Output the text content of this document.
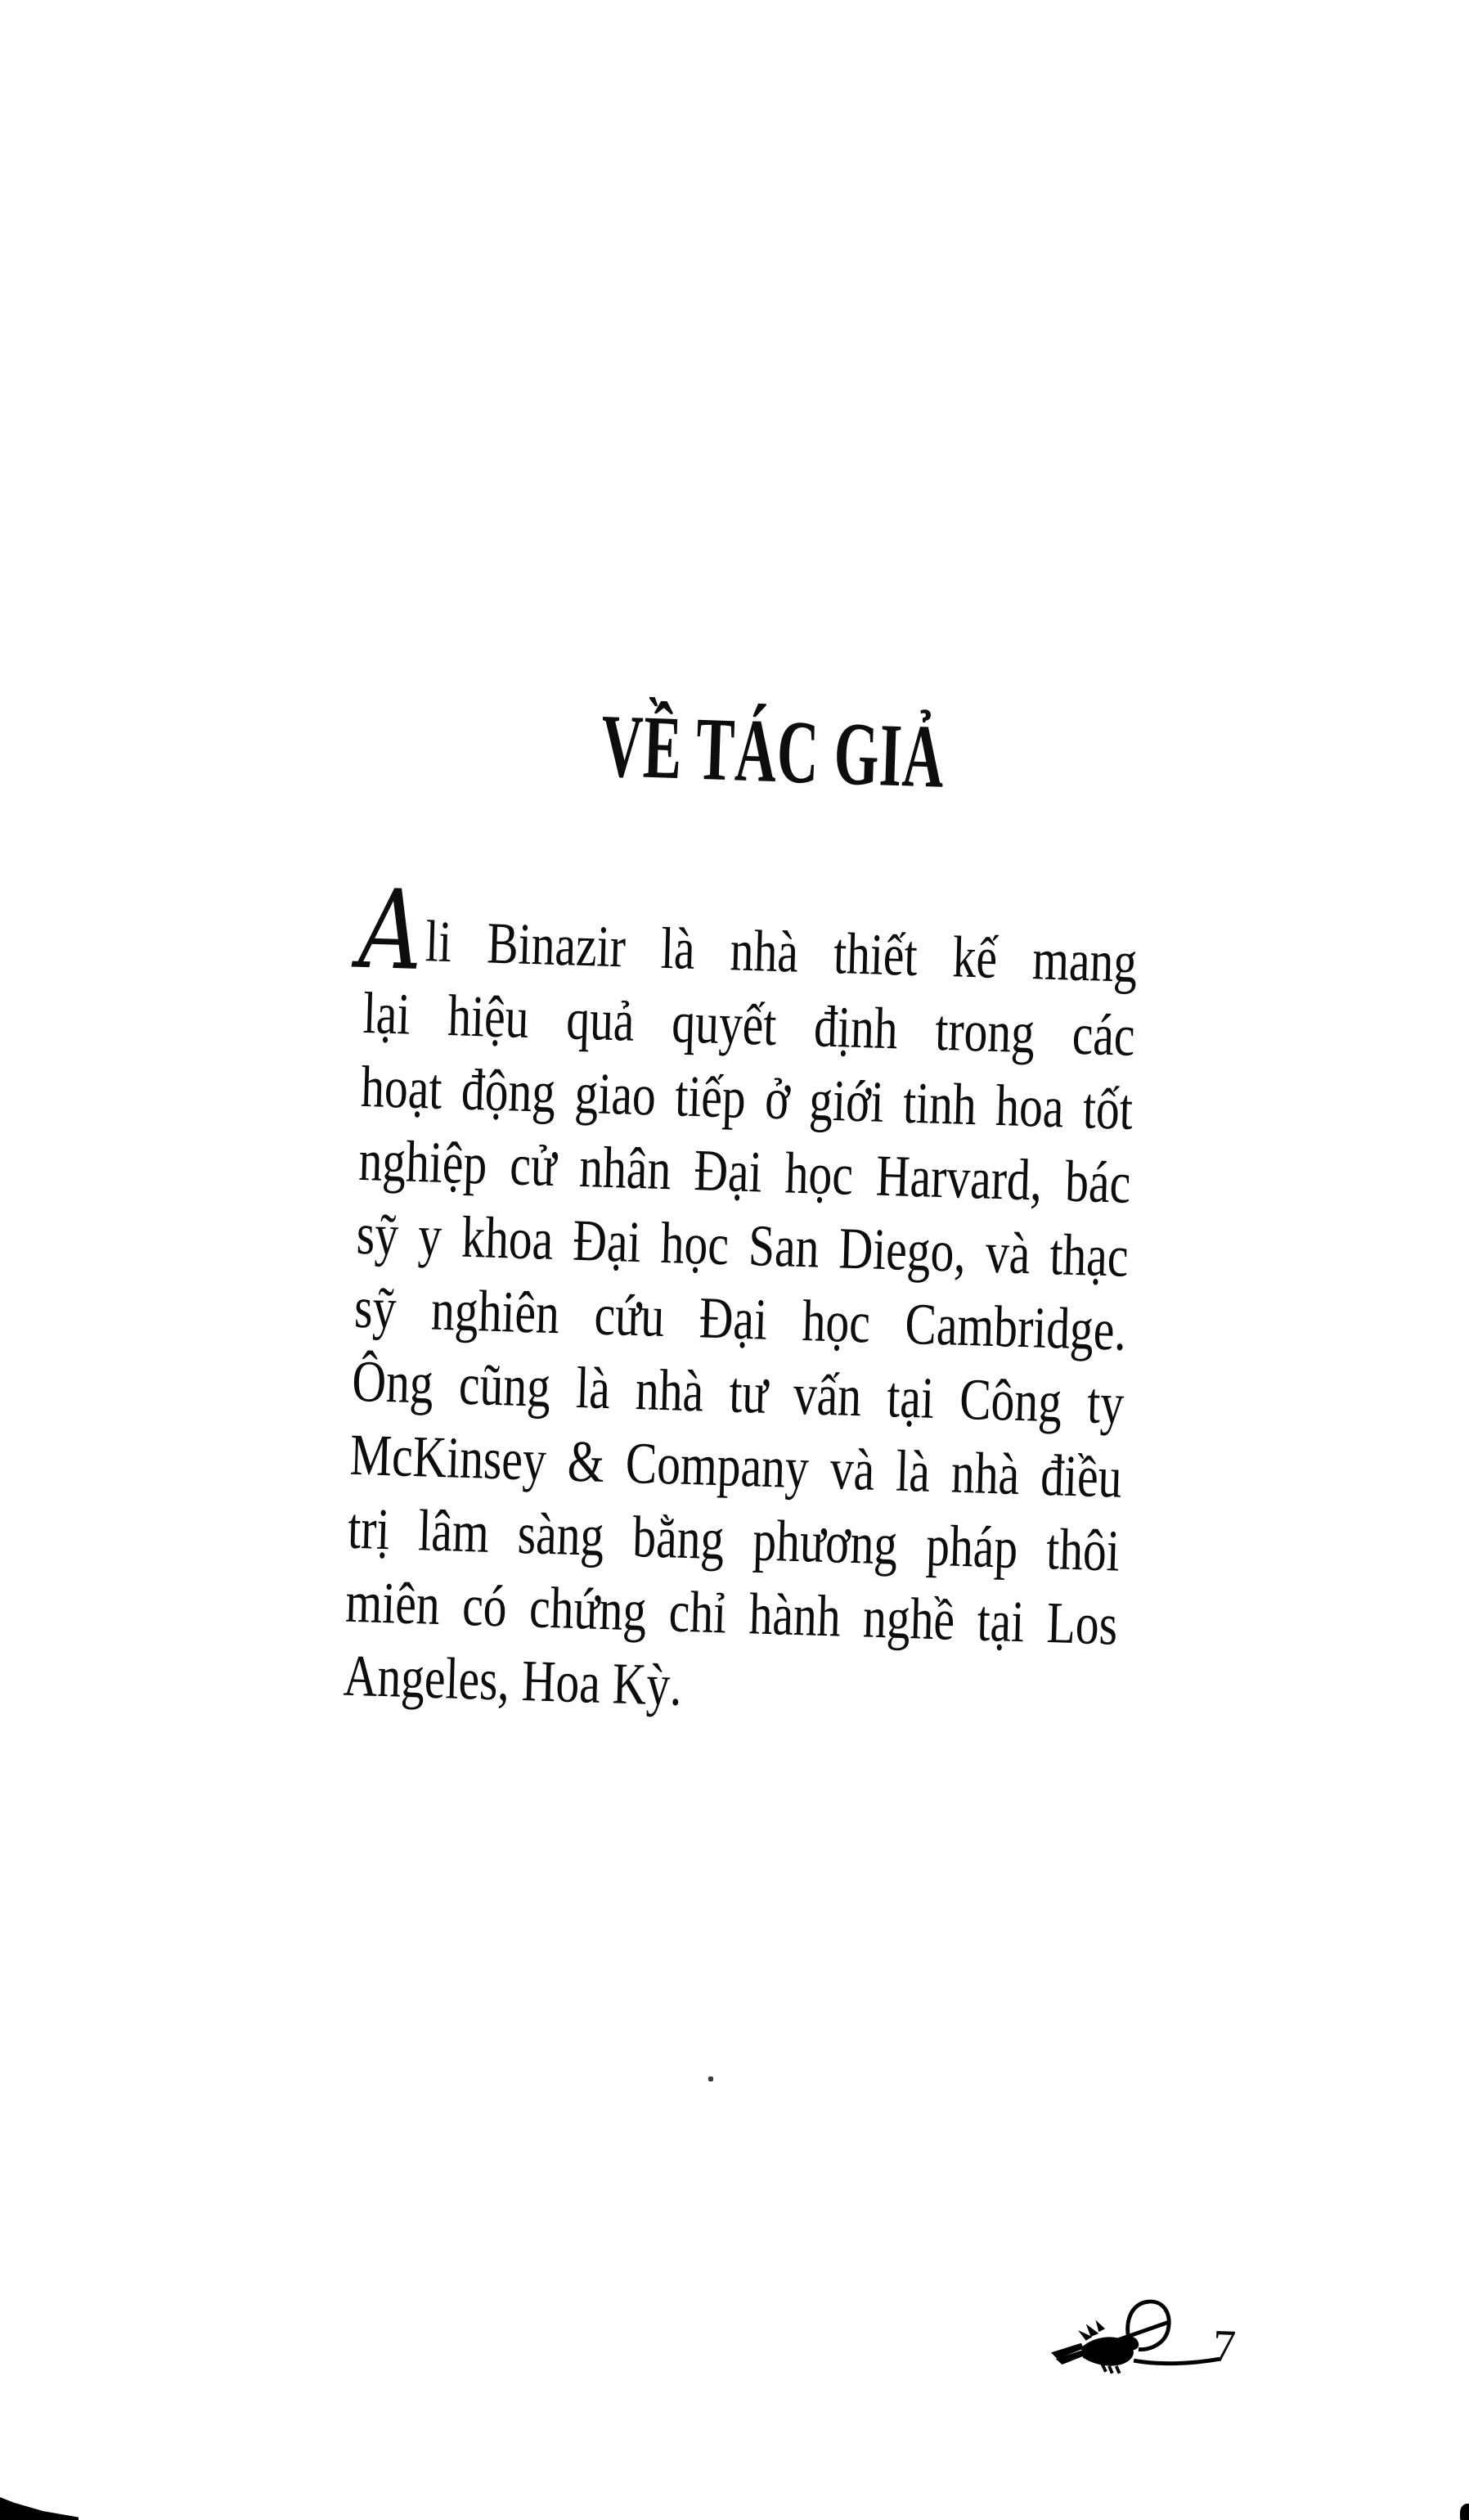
VỀ TÁC GIẢ
A li Binazir là nhà thiết kế mang
lại hiệu quả quyết định trong các
hoạt động giao tiếp ở giới tinh hoa tốt
nghiệp cử nhân Đại học Harvard, bác
sỹ y khoa Đại học San Diego, và thạc
sỹ nghiên cứu Đại học Cambridge.
Ông cũng là nhà tư vấn tại Công ty
McKinsey & Company và là nhà điều
trị lâm sàng bằng phương pháp thôi
miên có chứng chỉ hành nghề tại Los
Angeles, Hoa Kỳ.
7
